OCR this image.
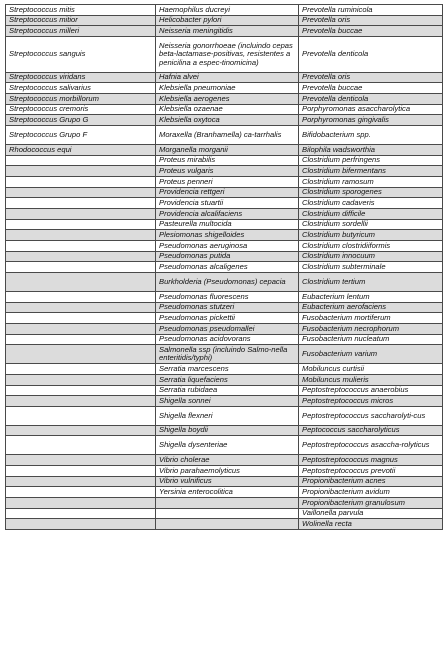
Streptococcus mitis	Haemophilus ducreyi	Prevotella ruminicola
Streptococcus mitior	Helicobacter pylori	Prevotella oris
Streptococcus milleri	Neisseria meningitidis	Prevotella buccae
Streptococcus sanguis	Neisseria gonorrhoeae (incluindo cepas beta-lactamase-positivas, resistentes a penicilina a espec-tinomicina)	Prevotella denticola
Streptococcus viridans	Hafnia alvei	Prevotella oris
Streptococcus salivarius	Klebsiella pneumoniae	Prevotella buccae
Streptococcus morbillorum	Klebsiella aerogenes	Prevotella denticola
Streptococcus cremoris	Klebsiella ozaenae	Porphyromonas asaccharolytica
Streptococcus Grupo G	Klebsiella oxytoca	Porphyromonas gingivalis
Streptococcus Grupo F	Moraxella (Branhamella) ca-tarrhalis	Bifidobacterium spp.
Rhodococcus equi	Morganella morganii	Bilophila wadsworthia
	Proteus mirabilis	Clostridium perfringens
	Proteus vulgaris	Clostridium bifermentans
	Proteus penneri	Clostridium ramosum
	Providencia rettgeri	Clostridium sporogenes
	Providencia stuartii	Clostridium cadaveris
	Providencia alcalifaciens	Clostridium difficile
	Pasteurella multocida	Clostridium sordellii
	Plesiomonas shigelloides	Clostridium butyricum
	Pseudomonas aeruginosa	Clostridium clostridiiformis
	Pseudomonas putida	Clostridium innocuum
	Pseudomonas alcaligenes	Clostridium subterminale
	Burkholderia (Pseudomonas) cepacia	Clostridium tertium
	Pseudomonas fluorescens	Eubacterium lentum
	Pseudomonas stutzeri	Eubacterium aerofaciens
	Pseudomonas pickettii	Fusobacterium mortiferum
	Pseudomonas pseudomallei	Fusobacterium necrophorum
	Pseudomonas acidovorans	Fusobacterium nucleatum
	Salmonella ssp (incluindo Salmo-nella enteritidis/typhi)	Fusobacterium varium
	Serratia marcescens	Mobiluncus curtisii
	Serratia liquefaciens	Mobiluncus mulieris
	Serratia rubidaea	Peptostreptococcus anaerobius
	Shigella sonnei	Peptostreptococcus micros
	Shigella flexneri	Peptostreptococcus saccharolyti-cus
	Shigella boydii	Peptococcus saccharolyticus
	Shigella dysenteriae	Peptostreptococcus asaccha-rolyticus
	Vibrio cholerae	Peptostreptococcus magnus
	Vibrio parahaemolyticus	Peptostreptococcus prevotii
	Vibrio vulnificus	Propionibacterium acnes
	Yersinia enterocolitica	Propionibacterium avidum
		Propionibacterium granulosum
		Vaillonella parvula
		Wolinella recta
